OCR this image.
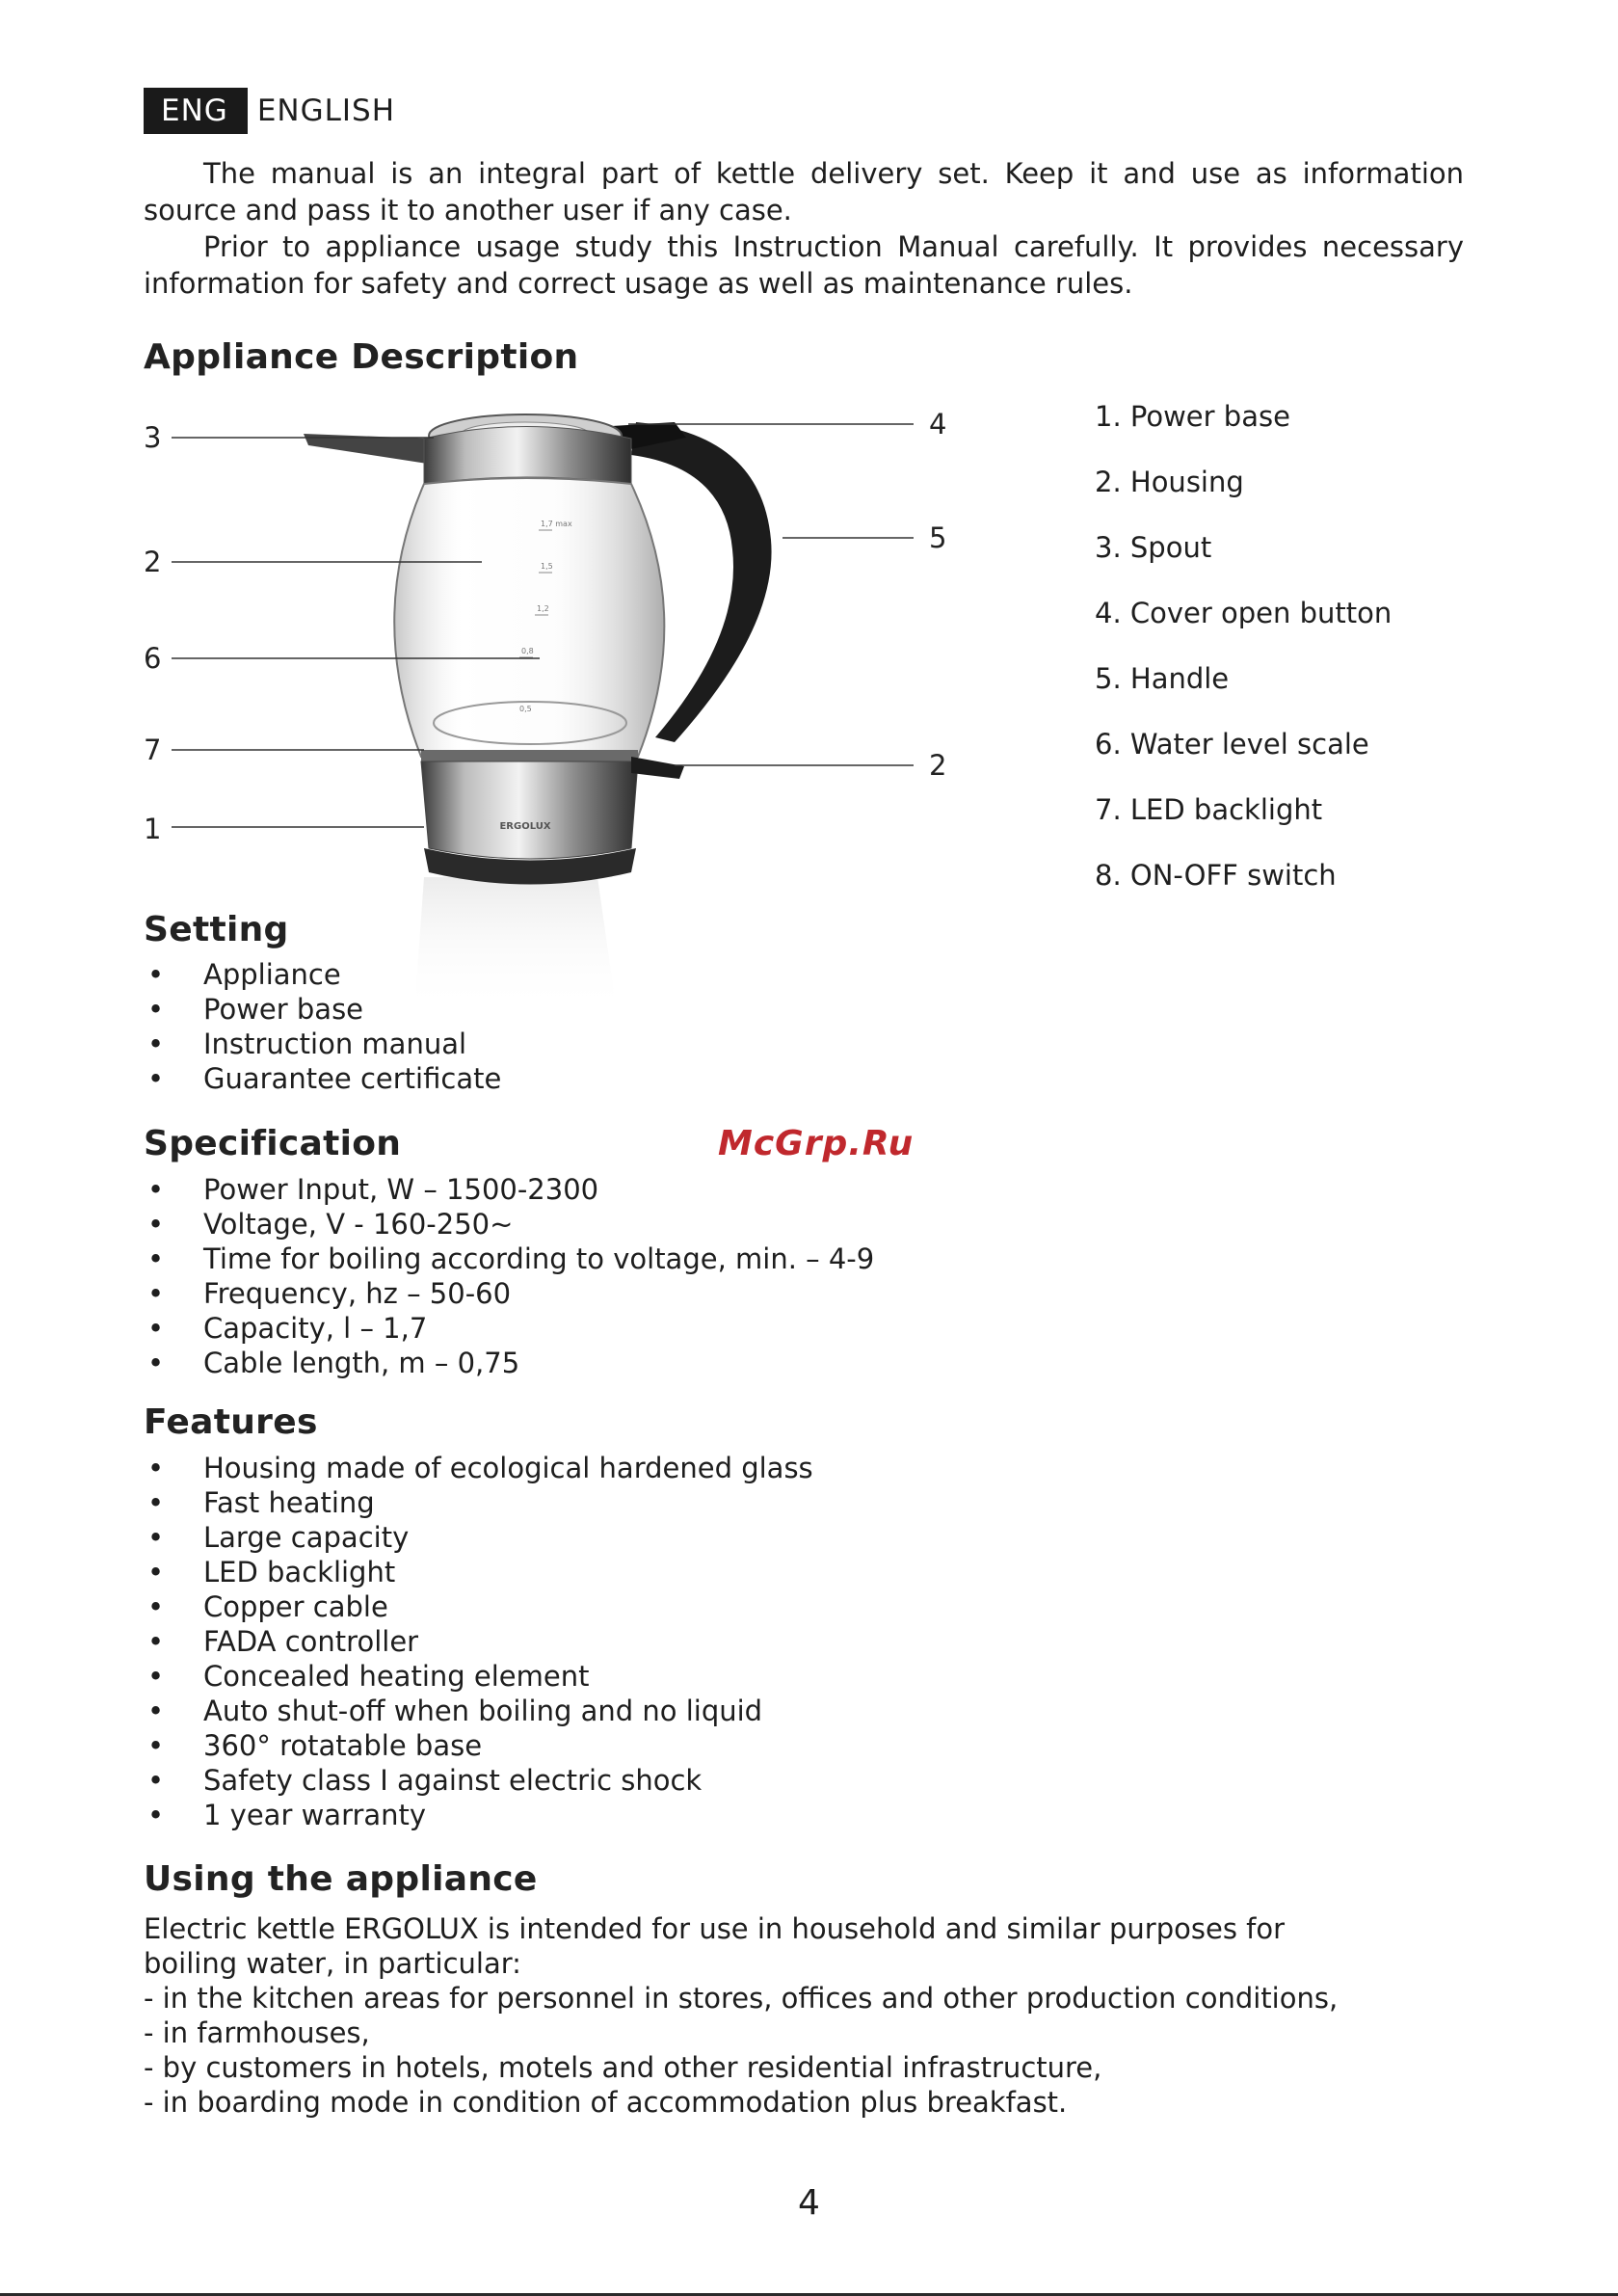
ENG ENGLISH

The manual is an integral part of kettle delivery set. Keep it and use as information source and pass it to another user if any case.

Prior to appliance usage study this Instruction Manual carefully. It provides necessary information for safety and correct usage as well as maintenance rules.

Appliance Description
1,7 max
1,5
1,2
0,8
0,5
ERGOLUX
3
2
6
7
1
4
5
2
1. Power base
2. Housing
3. Spout
4. Cover open button
5. Handle
6. Water level scale
7. LED backlight
8. ON-OFF switch
Setting
• Appliance
• Power base
• Instruction manual
• Guarantee certificate
Specification	McGrp.Ru
• Power Input, W – 1500-2300
• Voltage, V - 160-250~
• Time for boiling according to voltage, min. – 4-9
• Frequency, hz – 50-60
• Capacity, l – 1,7
• Cable length, m – 0,75
Features
• Housing made of ecological hardened glass
• Fast heating
• Large capacity
• LED backlight
• Copper cable
• FADA controller
• Concealed heating element
• Auto shut-off when boiling and no liquid
• 360° rotatable base
• Safety class I against electric shock
• 1 year warranty
Using the appliance

Electric kettle ERGOLUX is intended for use in household and similar purposes for boiling water, in particular:

- in the kitchen areas for personnel in stores, offices and other production conditions,
- in farmhouses,
- by customers in hotels, motels and other residential infrastructure,
- in boarding mode in condition of accommodation plus breakfast.
4
